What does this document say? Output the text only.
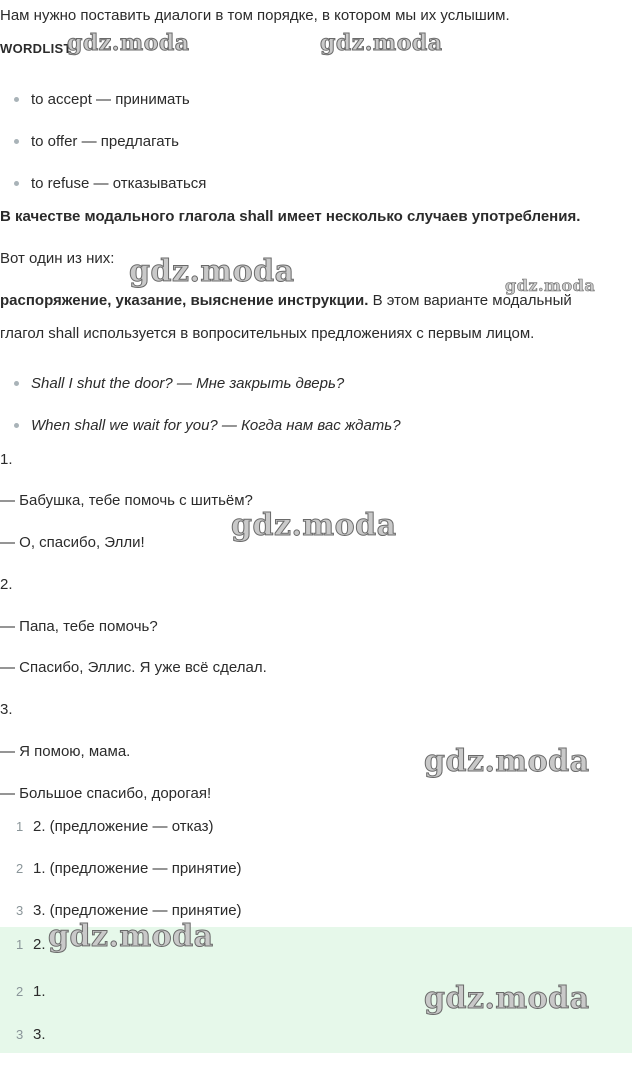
Нам нужно поставить диалоги в том порядке, в котором мы их услышим.
WORDLIST
to accept — принимать
to offer — предлагать
to refuse — отказываться
В качестве модального глагола shall имеет несколько случаев употребления.
Вот один из них:
распоряжение, указание, выяснение инструкции. В этом варианте модальный
глагол shall используется в вопросительных предложениях с первым лицом.
Shall I shut the door? — Мне закрыть дверь?
When shall we wait for you? — Когда нам вас ждать?
1.
— Бабушка, тебе помочь с шитьём?
— О, спасибо, Элли!
2.
— Папа, тебе помочь?
— Спасибо, Эллис. Я уже всё сделал.
3.
— Я помою, мама.
— Большое спасибо, дорогая!
1 2. (предложение — отказ)
2 1. (предложение — принятие)
3 3. (предложение — принятие)
1 2.
2 1.
3 3.
gdz.moda	gdz.moda
gdz.moda	gdz.moda
gdz.moda
gdz.moda
gdz.moda
gdz.moda
